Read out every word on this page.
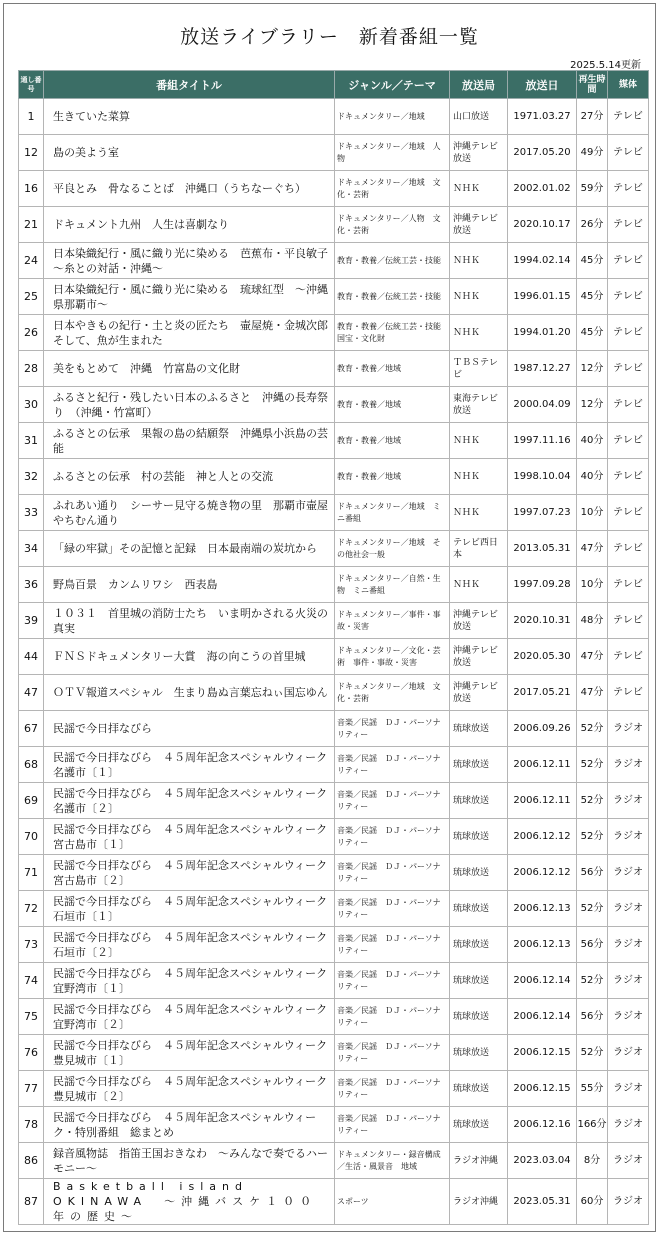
放送ライブラリー　新着番組一覧
2025.5.14更新
通し番号	番組タイトル	ジャンル／テーマ	放送局	放送日	再生時間	媒体
1	生きていた菜算	ドキュメンタリー／地域	山口放送	1971.03.27	27分	テレビ
12	島の美よう室	ドキュメンタリー／地域　人物	沖縄テレビ放送	2017.05.20	49分	テレビ
16	平良とみ　骨なることば　沖縄口（うちなーぐち）	ドキュメンタリー／地域　文化・芸術	ＮＨＫ	2002.01.02	59分	テレビ
21	ドキュメント九州　人生は喜劇なり	ドキュメンタリー／人物　文化・芸術	沖縄テレビ放送	2020.10.17	26分	テレビ
24	日本染織紀行・風に織り光に染める　芭蕉布・平良敏子　～糸との対話・沖縄～	教育・教養／伝統工芸・技能	ＮＨＫ	1994.02.14	45分	テレビ
25	日本染織紀行・風に織り光に染める　琉球紅型　～沖縄県那覇市～	教育・教養／伝統工芸・技能	ＮＨＫ	1996.01.15	45分	テレビ
26	日本やきもの紀行・土と炎の匠たち　壷屋焼・金城次郎　そして、魚が生まれた	教育・教養／伝統工芸・技能　国宝・文化財	ＮＨＫ	1994.01.20	45分	テレビ
28	美をもとめて　沖縄　竹富島の文化財	教育・教養／地域	ＴＢＳテレビ	1987.12.27	12分	テレビ
30	ふるさと紀行・残したい日本のふるさと　沖縄の長寿祭り　（沖縄・竹富町）	教育・教養／地域	東海テレビ放送	2000.04.09	12分	テレビ
31	ふるさとの伝承　果報の島の結願祭　沖縄県小浜島の芸能	教育・教養／地域	ＮＨＫ	1997.11.16	40分	テレビ
32	ふるさとの伝承　村の芸能　神と人との交流	教育・教養／地域	ＮＨＫ	1998.10.04	40分	テレビ
33	ふれあい通り　シーサー見守る焼き物の里　那覇市壷屋やちむん通り	ドキュメンタリー／地域　ミニ番組	ＮＨＫ	1997.07.23	10分	テレビ
34	「緑の牢獄」その記憶と記録　日本最南端の炭坑から	ドキュメンタリー／地域　その他社会一般	テレビ西日本	2013.05.31	47分	テレビ
36	野鳥百景　カンムリワシ　西表島	ドキュメンタリー／自然・生物　ミニ番組	ＮＨＫ	1997.09.28	10分	テレビ
39	１０３１　首里城の消防士たち　いま明かされる火災の真実	ドキュメンタリー／事件・事故・災害	沖縄テレビ放送	2020.10.31	48分	テレビ
44	ＦＮＳドキュメンタリー大賞　海の向こうの首里城	ドキュメンタリー／文化・芸術　事件・事故・災害	沖縄テレビ放送	2020.05.30	47分	テレビ
47	ＯＴＶ報道スペシャル　生まり島ぬ言葉忘ねぃ国忘ゆん	ドキュメンタリー／地域　文化・芸術	沖縄テレビ放送	2017.05.21	47分	テレビ
67	民謡で今日拝なびら	音楽／民謡　ＤＪ・パーソナリティー	琉球放送	2006.09.26	52分	ラジオ
68	民謡で今日拝なびら　４５周年記念スペシャルウィーク　名護市〔１〕	音楽／民謡　ＤＪ・パーソナリティー	琉球放送	2006.12.11	52分	ラジオ
69	民謡で今日拝なびら　４５周年記念スペシャルウィーク　名護市〔２〕	音楽／民謡　ＤＪ・パーソナリティー	琉球放送	2006.12.11	52分	ラジオ
70	民謡で今日拝なびら　４５周年記念スペシャルウィーク　宮古島市〔１〕	音楽／民謡　ＤＪ・パーソナリティー	琉球放送	2006.12.12	52分	ラジオ
71	民謡で今日拝なびら　４５周年記念スペシャルウィーク　宮古島市〔２〕	音楽／民謡　ＤＪ・パーソナリティー	琉球放送	2006.12.12	56分	ラジオ
72	民謡で今日拝なびら　４５周年記念スペシャルウィーク　石垣市〔１〕	音楽／民謡　ＤＪ・パーソナリティー	琉球放送	2006.12.13	52分	ラジオ
73	民謡で今日拝なびら　４５周年記念スペシャルウィーク　石垣市〔２〕	音楽／民謡　ＤＪ・パーソナリティー	琉球放送	2006.12.13	56分	ラジオ
74	民謡で今日拝なびら　４５周年記念スペシャルウィーク　宜野湾市〔１〕	音楽／民謡　ＤＪ・パーソナリティー	琉球放送	2006.12.14	52分	ラジオ
75	民謡で今日拝なびら　４５周年記念スペシャルウィーク　宜野湾市〔２〕	音楽／民謡　ＤＪ・パーソナリティー	琉球放送	2006.12.14	56分	ラジオ
76	民謡で今日拝なびら　４５周年記念スペシャルウィーク　豊見城市〔１〕	音楽／民謡　ＤＪ・パーソナリティー	琉球放送	2006.12.15	52分	ラジオ
77	民謡で今日拝なびら　４５周年記念スペシャルウィーク　豊見城市〔２〕	音楽／民謡　ＤＪ・パーソナリティー	琉球放送	2006.12.15	55分	ラジオ
78	民謡で今日拝なびら　４５周年記念スペシャルウィーク・特別番組　総まとめ	音楽／民謡　ＤＪ・パーソナリティー	琉球放送	2006.12.16	166分	ラジオ
86	録音風物誌　指笛王国おきなわ　～みんなで奏でるハーモニー～	ドキュメンタリー・録音構成／生活・風景音　地域	ラジオ沖縄	2023.03.04	8分	ラジオ
87	Basketball island OKINAWA　～沖縄バスケ１００年の歴史～	スポーツ	ラジオ沖縄	2023.05.31	60分	ラジオ
